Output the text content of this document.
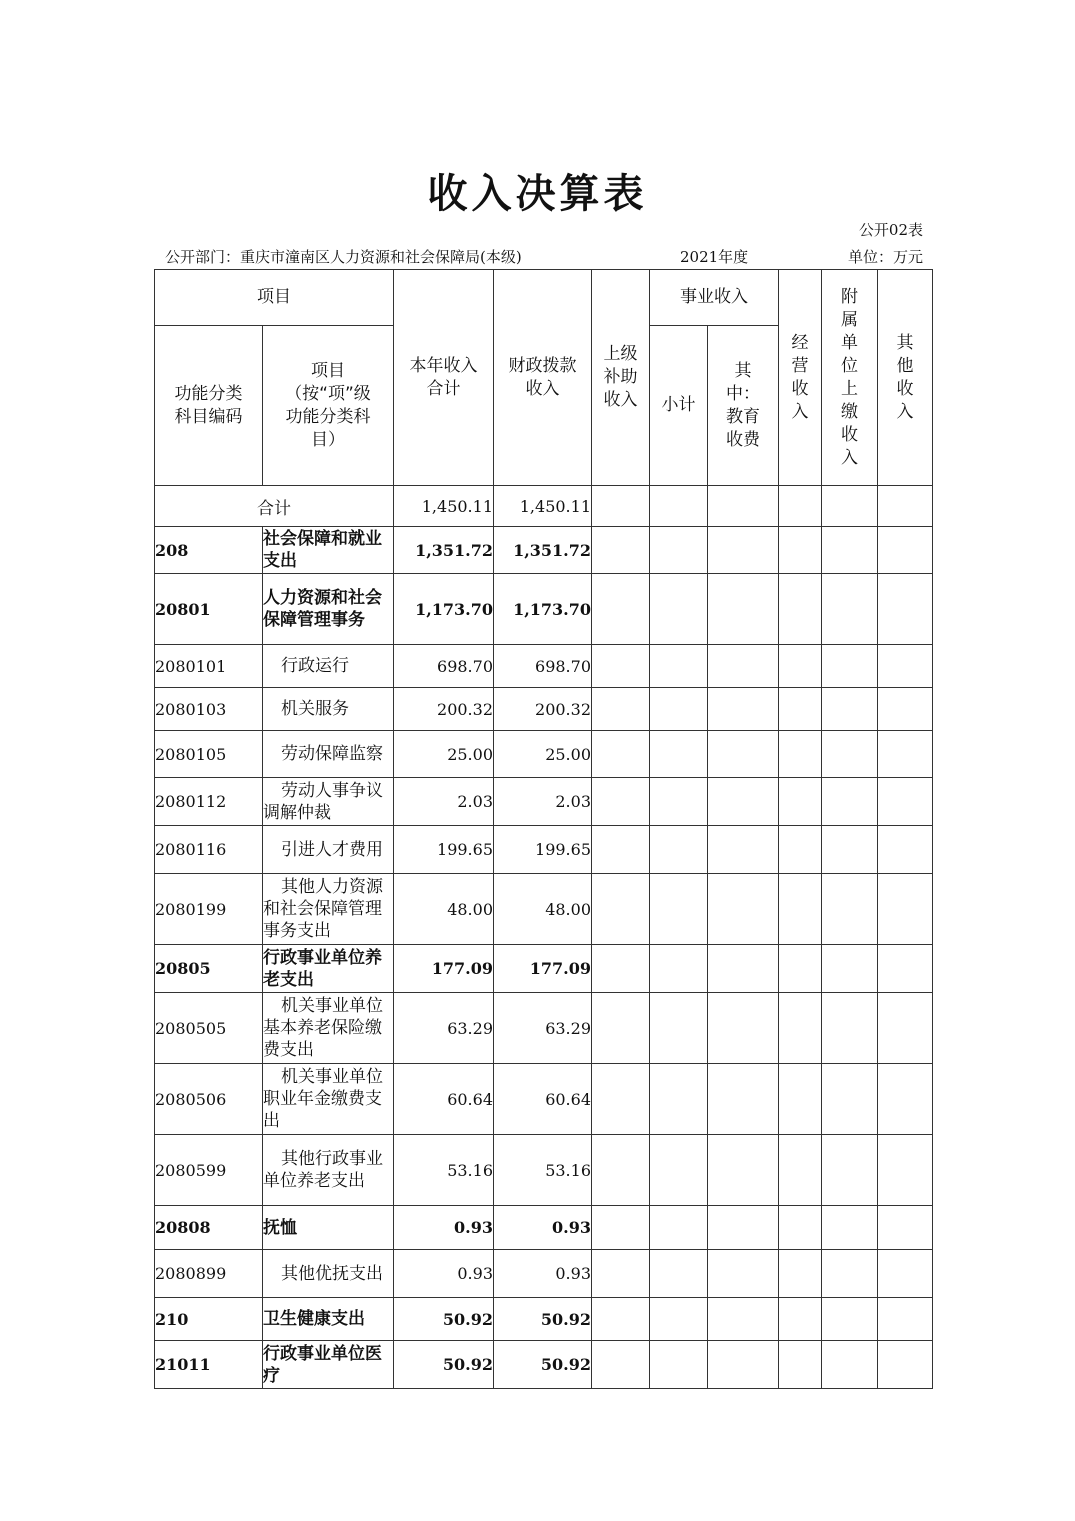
收入决算表
公开02表
公开部门：重庆市潼南区人力资源和社会保障局(本级)	2021年度	单位：万元
项目		本年收入合计	财政拨款收入	上级补助收入	事业收入		经营收入	附属单位上缴收入	其他收入

功能分类科目编码	项目（按“项”级功能分类科目）				小计	其中：教育收费			

合计		1,450.11	1,450.11						
208	社会保障和就业支出	1,351.72	1,351.72						
20801	人力资源和社会保障管理事务	1,173.70	1,173.70						
2080101	行政运行	698.70	698.70						
2080103	机关服务	200.32	200.32						
2080105	劳动保障监察	25.00	25.00						
2080112	劳动人事争议调解仲裁	2.03	2.03						
2080116	引进人才费用	199.65	199.65						
2080199	其他人力资源和社会保障管理事务支出	48.00	48.00						
20805	行政事业单位养老支出	177.09	177.09						
2080505	机关事业单位基本养老保险缴费支出	63.29	63.29						
2080506	机关事业单位职业年金缴费支出	60.64	60.64						
2080599	其他行政事业单位养老支出	53.16	53.16						
20808	抚恤	0.93	0.93						
2080899	其他优抚支出	0.93	0.93						
210	卫生健康支出	50.92	50.92						
21011	行政事业单位医疗	50.92	50.92						
